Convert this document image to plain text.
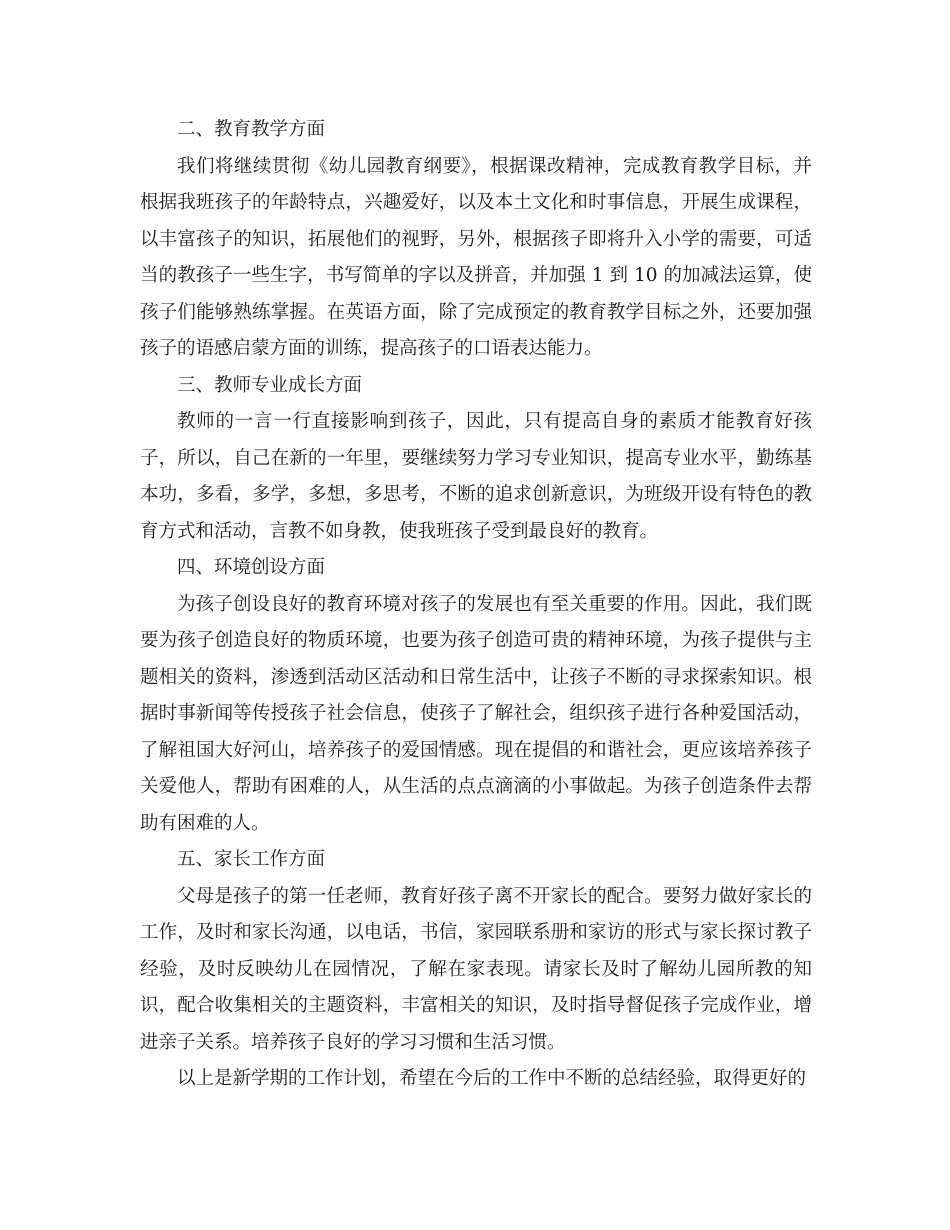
二、教育教学方面

我们将继续贯彻《幼儿园教育纲要》，根据课改精神，完成教育教学目标，并根据我班孩子的年龄特点，兴趣爱好，以及本土文化和时事信息，开展生成课程，以丰富孩子的知识，拓展他们的视野，另外，根据孩子即将升入小学的需要，可适当的教孩子一些生字，书写简单的字以及拼音，并加强 1 到 10 的加减法运算，使孩子们能够熟练掌握。在英语方面，除了完成预定的教育教学目标之外，还要加强孩子的语感启蒙方面的训练，提高孩子的口语表达能力。

三、教师专业成长方面

教师的一言一行直接影响到孩子，因此，只有提高自身的素质才能教育好孩子，所以，自己在新的一年里，要继续努力学习专业知识，提高专业水平，勤练基本功，多看，多学，多想，多思考，不断的追求创新意识，为班级开设有特色的教育方式和活动，言教不如身教，使我班孩子受到最良好的教育。

四、环境创设方面

为孩子创设良好的教育环境对孩子的发展也有至关重要的作用。因此，我们既要为孩子创造良好的物质环境，也要为孩子创造可贵的精神环境，为孩子提供与主题相关的资料，渗透到活动区活动和日常生活中，让孩子不断的寻求探索知识。根据时事新闻等传授孩子社会信息，使孩子了解社会，组织孩子进行各种爱国活动，了解祖国大好河山，培养孩子的爱国情感。现在提倡的和谐社会，更应该培养孩子关爱他人，帮助有困难的人，从生活的点点滴滴的小事做起。为孩子创造条件去帮助有困难的人。

五、家长工作方面

父母是孩子的第一任老师，教育好孩子离不开家长的配合。要努力做好家长的工作，及时和家长沟通，以电话，书信，家园联系册和家访的形式与家长探讨教子经验，及时反映幼儿在园情况，了解在家表现。请家长及时了解幼儿园所教的知识，配合收集相关的主题资料，丰富相关的知识，及时指导督促孩子完成作业，增进亲子关系。培养孩子良好的学习习惯和生活习惯。

以上是新学期的工作计划，希望在今后的工作中不断的总结经验，取得更好的
